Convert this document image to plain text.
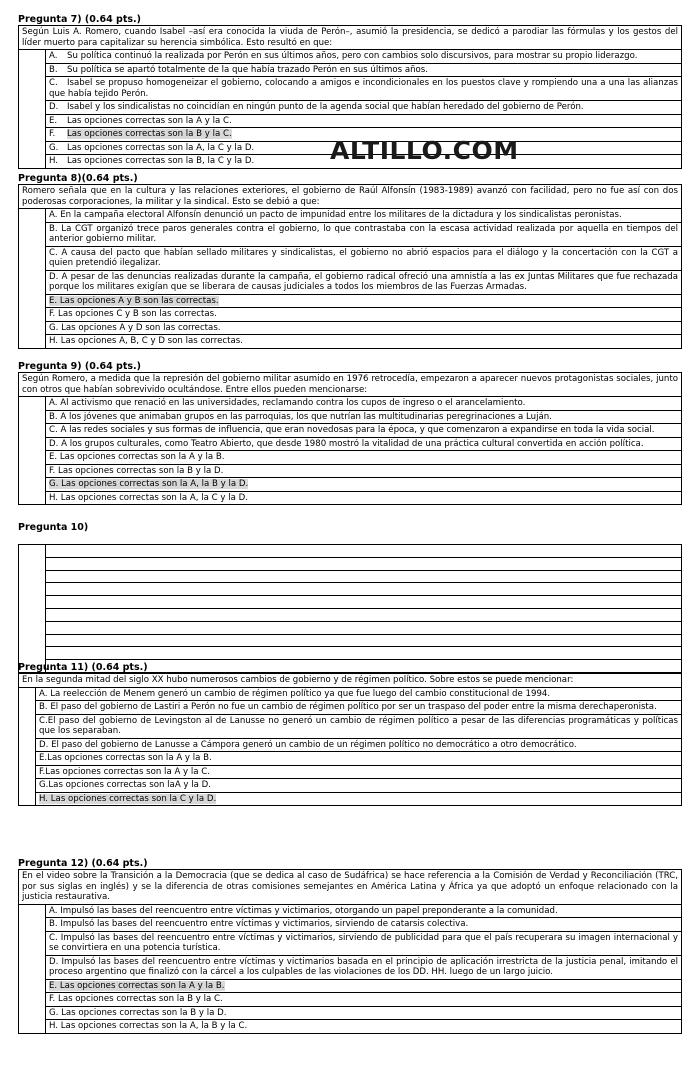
Pregunta 7) (0.64 pts.)
Según Luis A. Romero, cuando Isabel –así era conocida la viuda de Perón–, asumió la presidencia, se dedicó a parodiar las fórmulas y los gestos del líder muerto para capitalizar su herencia simbólica. Esto resultó en que:
A. Su política continuó la realizada por Perón en sus últimos años, pero con cambios solo discursivos, para mostrar su propio liderazgo.
B. Su política se apartó totalmente de la que había trazado Perón en sus últimos años.
C. Isabel se propuso homogeneizar el gobierno, colocando a amigos e incondicionales en los puestos clave y rompiendo una a una las alianzas que había tejido Perón.
D. Isabel y los sindicalistas no coincidían en ningún punto de la agenda social que habían heredado del gobierno de Perón.
E. Las opciones correctas son la A y la C.
F. Las opciones correctas son la B y la C.
G. Las opciones correctas son la A, la C y la D.
H. Las opciones correctas son la B, la C y la D.	ALTILLO.COM
Pregunta 8)(0.64 pts.)
Romero señala que en la cultura y las relaciones exteriores, el gobierno de Raúl Alfonsín (1983-1989) avanzó con facilidad, pero no fue así con dos poderosas corporaciones, la militar y la sindical. Esto se debió a que:
A. En la campaña electoral Alfonsín denunció un pacto de impunidad entre los militares de la dictadura y los sindicalistas peronistas.
B. La CGT organizó trece paros generales contra el gobierno, lo que contrastaba con la escasa actividad realizada por aquella en tiempos del anterior gobierno militar.
C. A causa del pacto que habían sellado militares y sindicalistas, el gobierno no abrió espacios para el diálogo y la concertación con la CGT a quien pretendió ilegalizar.
D. A pesar de las denuncias realizadas durante la campaña, el gobierno radical ofreció una amnistía a las ex Juntas Militares que fue rechazada porque los militares exigían que se liberara de causas judiciales a todos los miembros de las Fuerzas Armadas.
E. Las opciones A y B son las correctas.
F. Las opciones C y B son las correctas.
G. Las opciones A y D son las correctas.
H. Las opciones A, B, C y D son las correctas.
Pregunta 9) (0.64 pts.)
Según Romero, a medida que la represión del gobierno militar asumido en 1976 retrocedía, empezaron a aparecer nuevos protagonistas sociales, junto con otros que habían sobrevivido ocultándose. Entre ellos pueden mencionarse:
A. Al activismo que renació en las universidades, reclamando contra los cupos de ingreso o el arancelamiento.
B. A los jóvenes que animaban grupos en las parroquias, los que nutrían las multitudinarias peregrinaciones a Luján.
C. A las redes sociales y sus formas de influencia, que eran novedosas para la época, y que comenzaron a expandirse en toda la vida social.
D. A los grupos culturales, como Teatro Abierto, que desde 1980 mostró la vitalidad de una práctica cultural convertida en acción política.
E. Las opciones correctas son la A y la B.
F. Las opciones correctas son la B y la D.
G. Las opciones correctas son la A, la B y la D.
H. Las opciones correctas son la A, la C y la D.
Pregunta 10)
Pregunta 11) (0.64 pts.)
En la segunda mitad del siglo XX hubo numerosos cambios de gobierno y de régimen político. Sobre estos se puede mencionar:
A. La reelección de Menem generó un cambio de régimen político ya que fue luego del cambio constitucional de 1994.
B. El paso del gobierno de Lastiri a Perón no fue un cambio de régimen político por ser un traspaso del poder entre la misma derechaperonista.
C.El paso del gobierno de Levingston al de Lanusse no generó un cambio de régimen político a pesar de las diferencias programáticas y políticas que los separaban.
D. El paso del gobierno de Lanusse a Cámpora generó un cambio de un régimen político no democrático a otro democrático.
E.Las opciones correctas son la A y la B.
F.Las opciones correctas son la A y la C.
G.Las opciones correctas son laA y la D.
H. Las opciones correctas son la C y la D.
Pregunta 12) (0.64 pts.)
En el video sobre la Transición a la Democracia (que se dedica al caso de Sudáfrica) se hace referencia a la Comisión de Verdad y Reconciliación (TRC, por sus siglas en inglés) y se la diferencia de otras comisiones semejantes en América Latina y África ya que adoptó un enfoque relacionado con la justicia restaurativa.
A. Impulsó las bases del reencuentro entre víctimas y victimarios, otorgando un papel preponderante a la comunidad.
B. Impulsó las bases del reencuentro entre víctimas y victimarios, sirviendo de catarsis colectiva.
C. Impulsó las bases del reencuentro entre víctimas y victimarios, sirviendo de publicidad para que el país recuperara su imagen internacional y se convirtiera en una potencia turística.
D. Impulsó las bases del reencuentro entre víctimas y victimarios basada en el principio de aplicación irrestricta de la justicia penal, imitando el proceso argentino que finalizó con la cárcel a los culpables de las violaciones de los DD. HH. luego de un largo juicio.
E. Las opciones correctas son la A y la B.
F. Las opciones correctas son la B y la C.
G. Las opciones correctas son la B y la D.
H. Las opciones correctas son la A, la B y la C.
